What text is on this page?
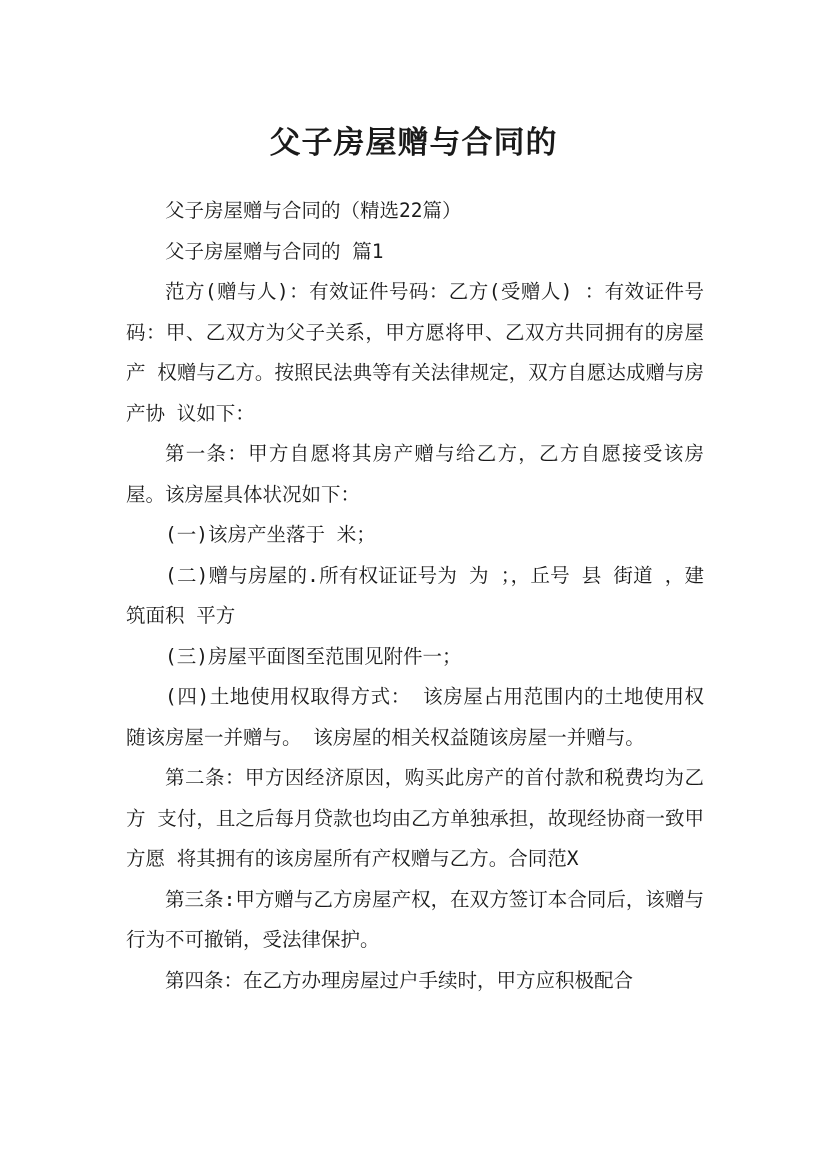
父子房屋赠与合同的

父子房屋赠与合同的（精选22篇）

父子房屋赠与合同的 篇1

范方(赠与人)：有效证件号码：乙方(受赠人) ：有效证件号码：甲、乙双方为父子关系，甲方愿将甲、乙双方共同拥有的房屋产 权赠与乙方。按照民法典等有关法律规定，双方自愿达成赠与房产协 议如下：

第一条：甲方自愿将其房产赠与给乙方，乙方自愿接受该房屋。该房屋具体状况如下：

(一)该房产坐落于 米；

(二)赠与房屋的.所有权证证号为 为 ；，丘号 县 街道 ，建筑面积 平方

(三)房屋平面图至范围见附件一；

(四)土地使用权取得方式： 该房屋占用范围内的土地使用权随该房屋一并赠与。 该房屋的相关权益随该房屋一并赠与。

第二条：甲方因经济原因，购买此房产的首付款和税费均为乙方 支付，且之后每月贷款也均由乙方单独承担，故现经协商一致甲方愿 将其拥有的该房屋所有产权赠与乙方。合同范X

第三条:甲方赠与乙方房屋产权，在双方签订本合同后，该赠与 行为不可撤销，受法律保护。

第四条：在乙方办理房屋过户手续时，甲方应积极配合
